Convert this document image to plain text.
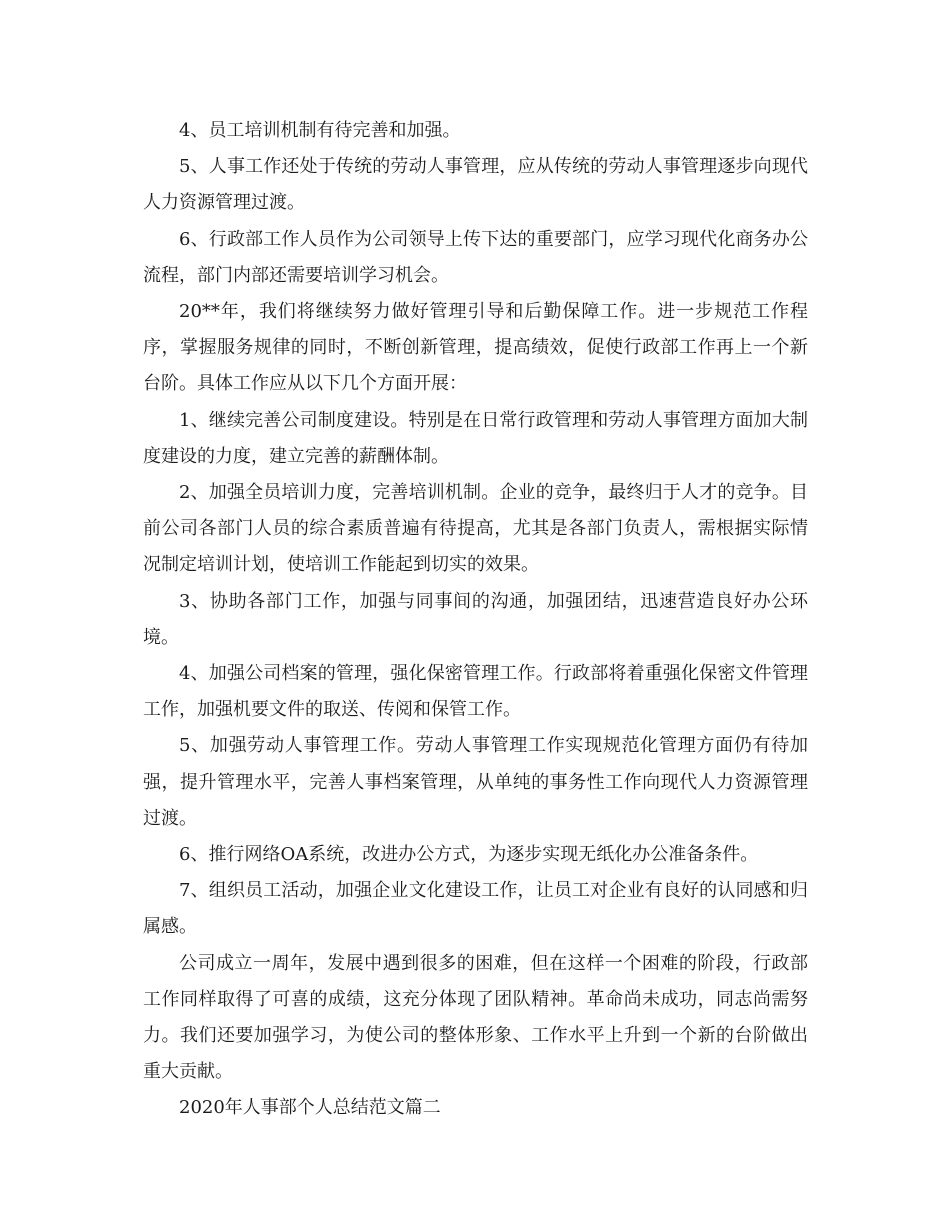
4、员工培训机制有待完善和加强。

5、人事工作还处于传统的劳动人事管理，应从传统的劳动人事管理逐步向现代人力资源管理过渡。

6、行政部工作人员作为公司领导上传下达的重要部门，应学习现代化商务办公流程，部门内部还需要培训学习机会。

20**年，我们将继续努力做好管理引导和后勤保障工作。进一步规范工作程序，掌握服务规律的同时，不断创新管理，提高绩效，促使行政部工作再上一个新台阶。具体工作应从以下几个方面开展：

1、继续完善公司制度建设。特别是在日常行政管理和劳动人事管理方面加大制度建设的力度，建立完善的薪酬体制。

2、加强全员培训力度，完善培训机制。企业的竞争，最终归于人才的竞争。目前公司各部门人员的综合素质普遍有待提高，尤其是各部门负责人，需根据实际情况制定培训计划，使培训工作能起到切实的效果。

3、协助各部门工作，加强与同事间的沟通，加强团结，迅速营造良好办公环境。

4、加强公司档案的管理，强化保密管理工作。行政部将着重强化保密文件管理工作，加强机要文件的取送、传阅和保管工作。

5、加强劳动人事管理工作。劳动人事管理工作实现规范化管理方面仍有待加强，提升管理水平，完善人事档案管理，从单纯的事务性工作向现代人力资源管理过渡。

6、推行网络OA系统，改进办公方式，为逐步实现无纸化办公准备条件。

7、组织员工活动，加强企业文化建设工作，让员工对企业有良好的认同感和归属感。

公司成立一周年，发展中遇到很多的困难，但在这样一个困难的阶段，行政部工作同样取得了可喜的成绩，这充分体现了团队精神。革命尚未成功，同志尚需努力。我们还要加强学习，为使公司的整体形象、工作水平上升到一个新的台阶做出重大贡献。

2020年人事部个人总结范文篇二
